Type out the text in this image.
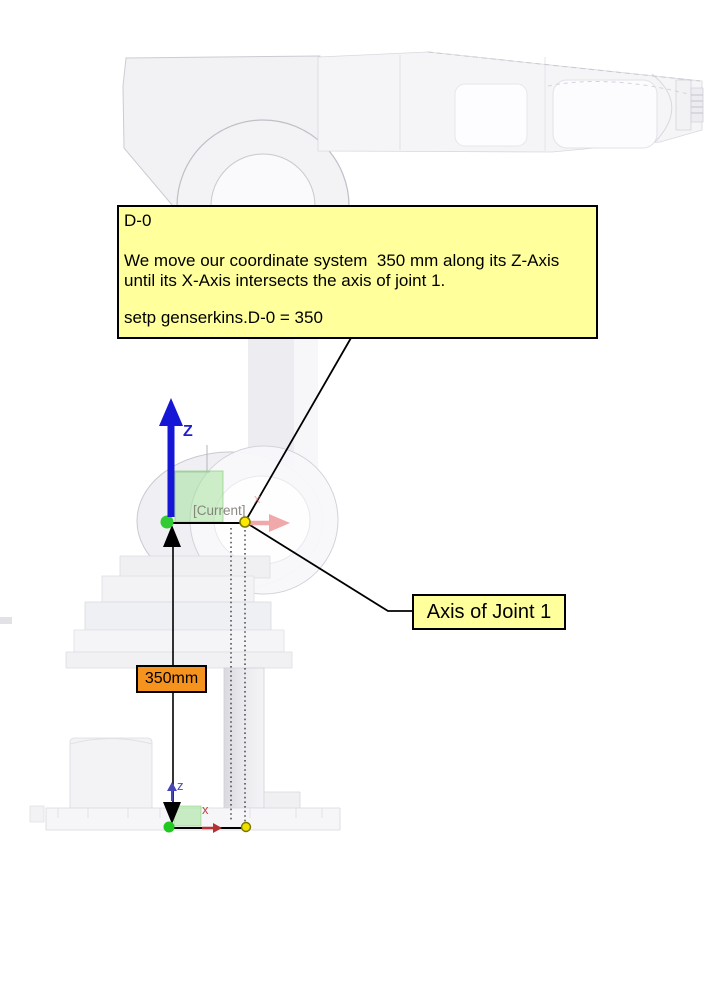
D-0
We move our coordinate system  350 mm along its Z-Axis
until its X-Axis intersects the axis of joint 1.
setp genserkins.D-0 = 350
Axis of Joint 1
350mm
[Current]
Z
x
z
x
